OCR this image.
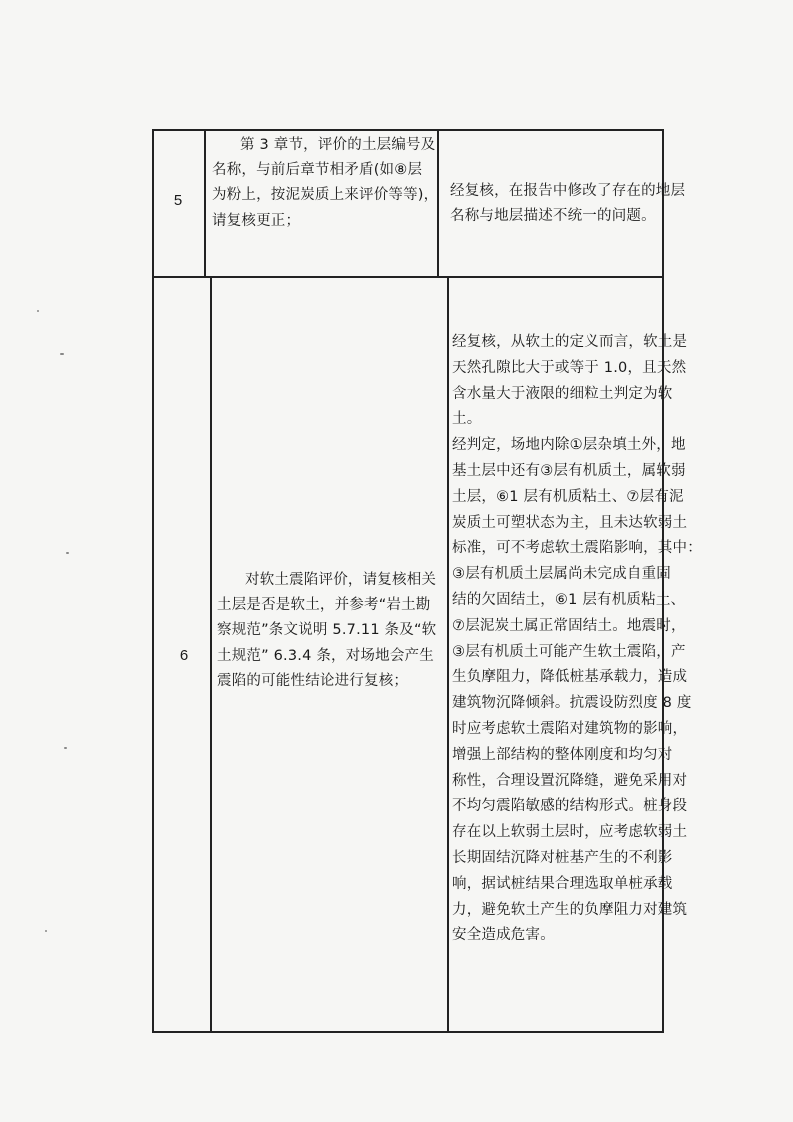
5
第 3 章节，评价的土层编号及
名称，与前后章节相矛盾(如⑧层
为粉上，按泥炭质上来评价等等)，
请复核更正；
经复核，在报告中修改了存在的地层
名称与地层描述不统一的问题。
6
对软土震陷评价，请复核相关
土层是否是软土，并参考“岩土勘
察规范”条文说明 5.7.11 条及“软
土规范” 6.3.4 条，对场地会产生
震陷的可能性结论进行复核；
经复核，从软土的定义而言，软土是
天然孔隙比大于或等于 1.0，且天然
含水量大于液限的细粒土判定为软
土。
经判定，场地内除①层杂填土外，地
基土层中还有③层有机质土，属软弱
土层，⑥1 层有机质粘土、⑦层有泥
炭质土可塑状态为主，且未达软弱土
标准，可不考虑软土震陷影响，其中：
③层有机质土层属尚未完成自重固
结的欠固结土，⑥1 层有机质粘土、
⑦层泥炭土属正常固结土。地震时，
③层有机质土可能产生软土震陷，产
生负摩阻力，降低桩基承载力，造成
建筑物沉降倾斜。抗震设防烈度 8 度
时应考虑软土震陷对建筑物的影响，
增强上部结构的整体刚度和均匀对
称性，合理设置沉降缝，避免采用对
不均匀震陷敏感的结构形式。桩身段
存在以上软弱土层时，应考虑软弱土
长期固结沉降对桩基产生的不利影
响，据试桩结果合理选取单桩承载
力，避免软土产生的负摩阻力对建筑
安全造成危害。
